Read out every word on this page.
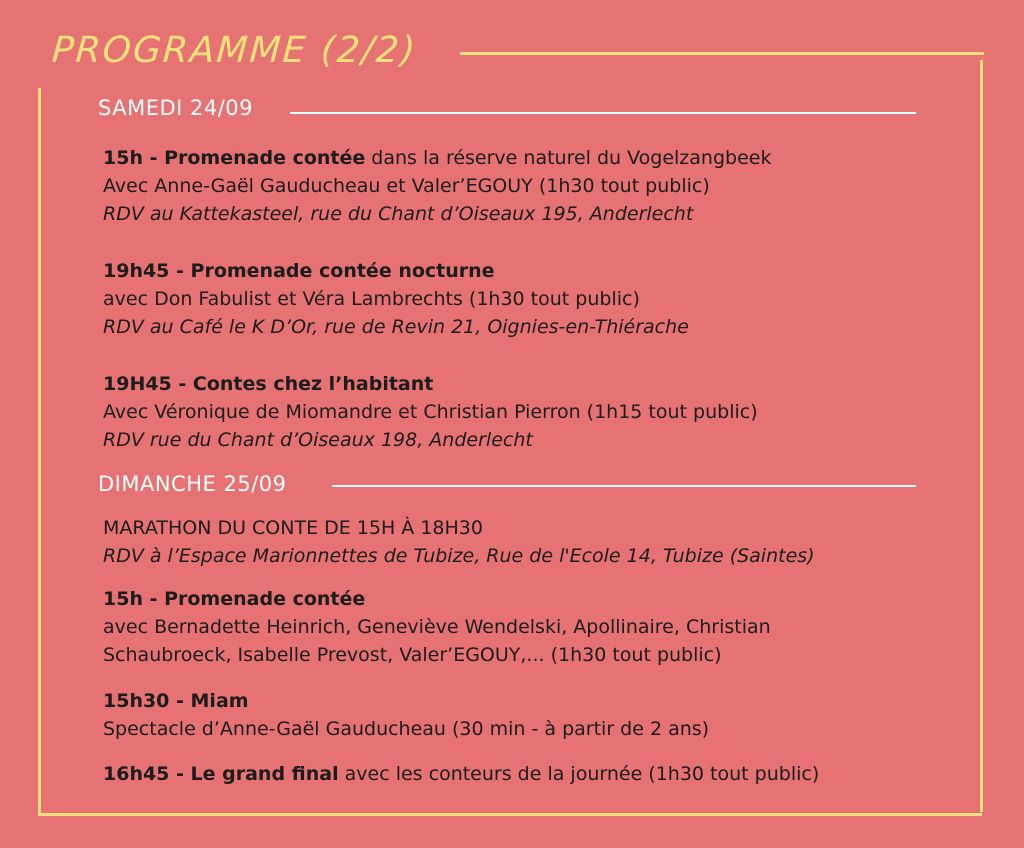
PROGRAMME (2/2)
SAMEDI 24/09
15h - Promenade contée dans la réserve naturel du Vogelzangbeek
Avec Anne-Gaël Gauducheau et Valer’EGOUY (1h30 tout public)
RDV au Kattekasteel, rue du Chant d’Oiseaux 195, Anderlecht
19h45 - Promenade contée nocturne
avec Don Fabulist et Véra Lambrechts (1h30 tout public)
RDV au Café le K D’Or, rue de Revin 21, Oignies-en-Thiérache
19H45 - Contes chez l’habitant
Avec Véronique de Miomandre et Christian Pierron (1h15 tout public)
RDV rue du Chant d’Oiseaux 198, Anderlecht
DIMANCHE 25/09
MARATHON DU CONTE DE 15H À 18H30
RDV à l’Espace Marionnettes de Tubize, Rue de l'Ecole 14, Tubize (Saintes)
15h - Promenade contée
avec Bernadette Heinrich, Geneviève Wendelski, Apollinaire, Christian
Schaubroeck, Isabelle Prevost, Valer’EGOUY,... (1h30 tout public)
15h30 - Miam
Spectacle d’Anne-Gaël Gauducheau (30 min - à partir de 2 ans)
16h45 - Le grand final avec les conteurs de la journée (1h30 tout public)
